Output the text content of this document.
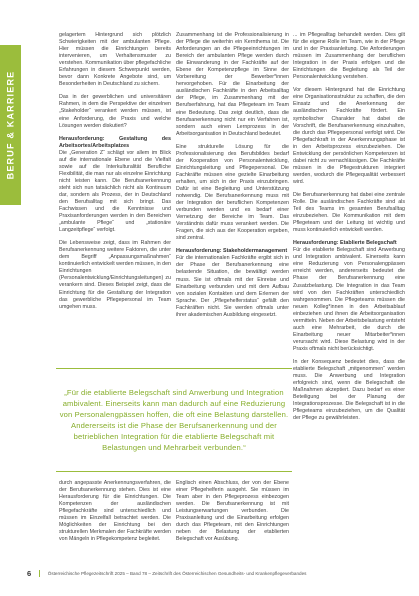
BERUF & KARRIERE

gelagertem Hintergrund sich plötzlich Schwierigkeiten mit der ambulanten Pflege. Hier müssen die Einrichtungen bereits intervenieren, um Verhaltensmuster zu verstehen. Kommunikation über pflegefachliche Erfahrungen in diesem Schwerpunkt werden, bevor dann Konkrete Angebote sind, um Besonderheiten in Deutschland zu sichern.

Das in der gewerblichen und universitären Rahmen, in dem die Perspektive der einzelnen „Stakeholder“ verankert werden müssen, ist eine Anforderung, die Praxis und welche Lösungen werden diskutiert?

Herausforderung: Gestaltung des Arbeitsortes/Arbeitsplatzes

Die „Generation Z“ schlägt vor allem im Blick auf die internationale Ebene und die Vielfalt sowie auf die Interkulturalität Berufliche Flexibilität, die man nur als einzelne Einrichtung nicht leisten kann. Die Berufsanerkennung steht sich nun tatsächlich nicht als Kontinuum dar, sondern als Prozess, der in Deutschland den Berufsalltag mit sich bringt. Das Fachwissen und die Kenntnisse und Praxisanforderungen werden in den Bereichen „ambulante Pflege“ und „stationäre Langzeitpflege“ verfolgt.

Die Lebensweise zeigt, dass im Rahmen der Berufsanerkennung weitere Faktoren, die unter dem Begriff „Anpassungsmaßnahmen“ kontinuierlich entwickelt werden müssen, in den Einrichtungen (Personalentwicklung/Einrichtungsleitungen) zu verankern sind. Dieses Beispiel zeigt, dass die Einrichtung für die Gestaltung der Integration das gewerbliche Pflegepersonal im Team umgehen muss.

Zusammenhang ist die Professionalisierung in der Pflege die weiterhin ein Kernthema ist. Die Anforderungen an die Pflegeeinrichtungen im Bereich der ambulanten Pflege werden durch die Einwanderung in der Fachkräfte auf der Ebene der Kompetenzpflege im Sinne der Vorbereitung der Bewerber*innen hervorgehoben. Für die Einarbeitung der ausländischen Fachkräfte in den Arbeitsalltag der Pflege, im Zusammenhang mit der Berufserfahrung, hat das Pflegeteam im Team eine Bedeutung. Das zeigt deutlich, dass die Berufsanerkennung nicht nur ein Verfahren ist, sondern auch einen Lernprozess in der Arbeitsorganisation in Deutschland bedeutet.

Eine strukturelle Lösung für die Professionalisierung des Berufsbildes bedarf der Kooperation von Personalentwicklung, Einrichtungsleitung und Pflegepersonal. Die Fachkräfte müssen eine gezielte Einarbeitung erhalten, um sich in der Praxis einzubringen. Dafür ist eine Begleitung und Unterstützung notwendig. Die Berufsanerkennung muss mit der Integration der beruflichen Kompetenzen verbunden werden und es bedarf einer Vernetzung der Bereiche im Team. Das Verständnis dafür muss verankert werden. Die Fragen, die sich aus der Kooperation ergeben, sind zentral.

Herausforderung: Stakeholdermanagement

Für die internationalen Fachkräfte ergibt sich in der Phase der Berufsanerkennung eine belastende Situation, die bewältigt werden muss. Sie ist oftmals mit der Einreise und Einarbeitung verbunden und mit dem Aufbau von sozialen Kontakten und dem Erlernen der Sprache. Der „Pflegehelferstatus“ gefällt den Fachkräften nicht. Sie werden oftmals unter ihrer akademischen Ausbildung eingesetzt.

... im Pflegealltag behandelt werden. Dies gilt für die eigene Rolle im Team, wie in der Pflege und in der Praxisanleitung. Die Anforderungen müssen im Zusammenhang der beruflichen Integration in der Praxis erfolgen und die Einrichtungen die Begleitung als Teil der Personalentwicklung verstehen.

Vor diesem Hintergrund hat die Einrichtung eine Organisationsstruktur zu schaffen, die den Einsatz und die Anerkennung der ausländischen Fachkräfte fördert. Ein symbolischer Charakter hat dabei die Vorschrift, die Berufsanerkennung einzuhalten, die durch das Pflegepersonal verfolgt wird. Die Pflegefachkraft in der Anerkennungsphase ist in den Arbeitsprozess einzubeziehen. Die Entwicklung der persönlichen Kompetenzen ist dabei nicht zu vernachlässigen. Die Fachkräfte müssen in die Pflegestrukturen integriert werden, wodurch die Pflegequalität verbessert wird.

Die Berufsanerkennung hat dabei eine zentrale Rolle. Die ausländischen Fachkräfte sind als Teil des Teams im gesamten Berufsalltag einzubeziehen. Die Kommunikation mit dem Pflegeteam und der Leitung ist wichtig und muss kontinuierlich entwickelt werden.

Herausforderung: Etablierte Belegschaft

Für die etablierte Belegschaft sind Anwerbung und Integration ambivalent. Einerseits kann eine Reduzierung von Personalengpässen erreicht werden, andererseits bedeutet die Phase der Berufsanerkennung eine Zusatzbelastung. Die Integration in das Team wird von den Fachkräften unterschiedlich wahrgenommen. Die Pflegeteams müssen die neuen Kolleg*innen in den Arbeitsablauf einbeziehen und ihnen die Arbeitsorganisation vermitteln. Neben der Arbeitsbelastung entsteht auch eine Mehrarbeit, die durch die Einarbeitung neuer Mitarbeiter*innen verursacht wird. Diese Belastung wird in der Praxis oftmals nicht berücksichtigt.

In der Konsequenz bedeutet dies, dass die etablierte Belegschaft „mitgenommen“ werden muss. Die Anwerbung und Integration erfolgreich sind, wenn die Belegschaft die Maßnahmen akzeptiert. Dazu bedarf es einer Beteiligung bei der Planung der Integrationsprozesse. Die Belegschaft ist in die Pflegeteams einzubeziehen, um die Qualität der Pflege zu gewährleisten.

„Für die etablierte Belegschaft sind Anwerbung und Integration ambivalent. Einerseits kann man dadurch auf eine Reduzierung von Personalengpässen hoffen, die oft eine Belastung darstellen. Andererseits ist die Phase der Berufsanerkennung und der betrieblichen Integration für die etablierte Belegschaft mit Belastungen und Mehrarbeit verbunden.“

durch angepasste Anerkennungsverfahren, die der Berufsanerkennung stehen. Dies ist eine Herausforderung für die Einrichtungen. Die Kompetenzen der ausländischen Pflegefachkräfte sind unterschiedlich und müssen im Einzelfall betrachtet werden. Die Möglichkeiten der Einrichtung bei den strukturellen Merkmalen der Fachkräfte werden von Mängeln in Pflegekompetenz begleitet.

Englisch einen Abschluss, der von der Ebene einer Pflegehelferin ausgeht. Sie müssen im Team aber in den Pflegeprozess einbezogen werden. Die Berufsanerkennung ist mit Leistungserwartungen verbunden. Die Praxisanleitung und die Einarbeitung erfolgen durch das Pflegeteam, mit den Einrichtungen neben der Belastung der etablierten Belegschaft vor Ausübung.

6	Österreichische Pflegezeitschrift 2025 – Band 78 – Zeitschrift des Österreichischen Gesundheits- und Krankenpflegeverbandes
